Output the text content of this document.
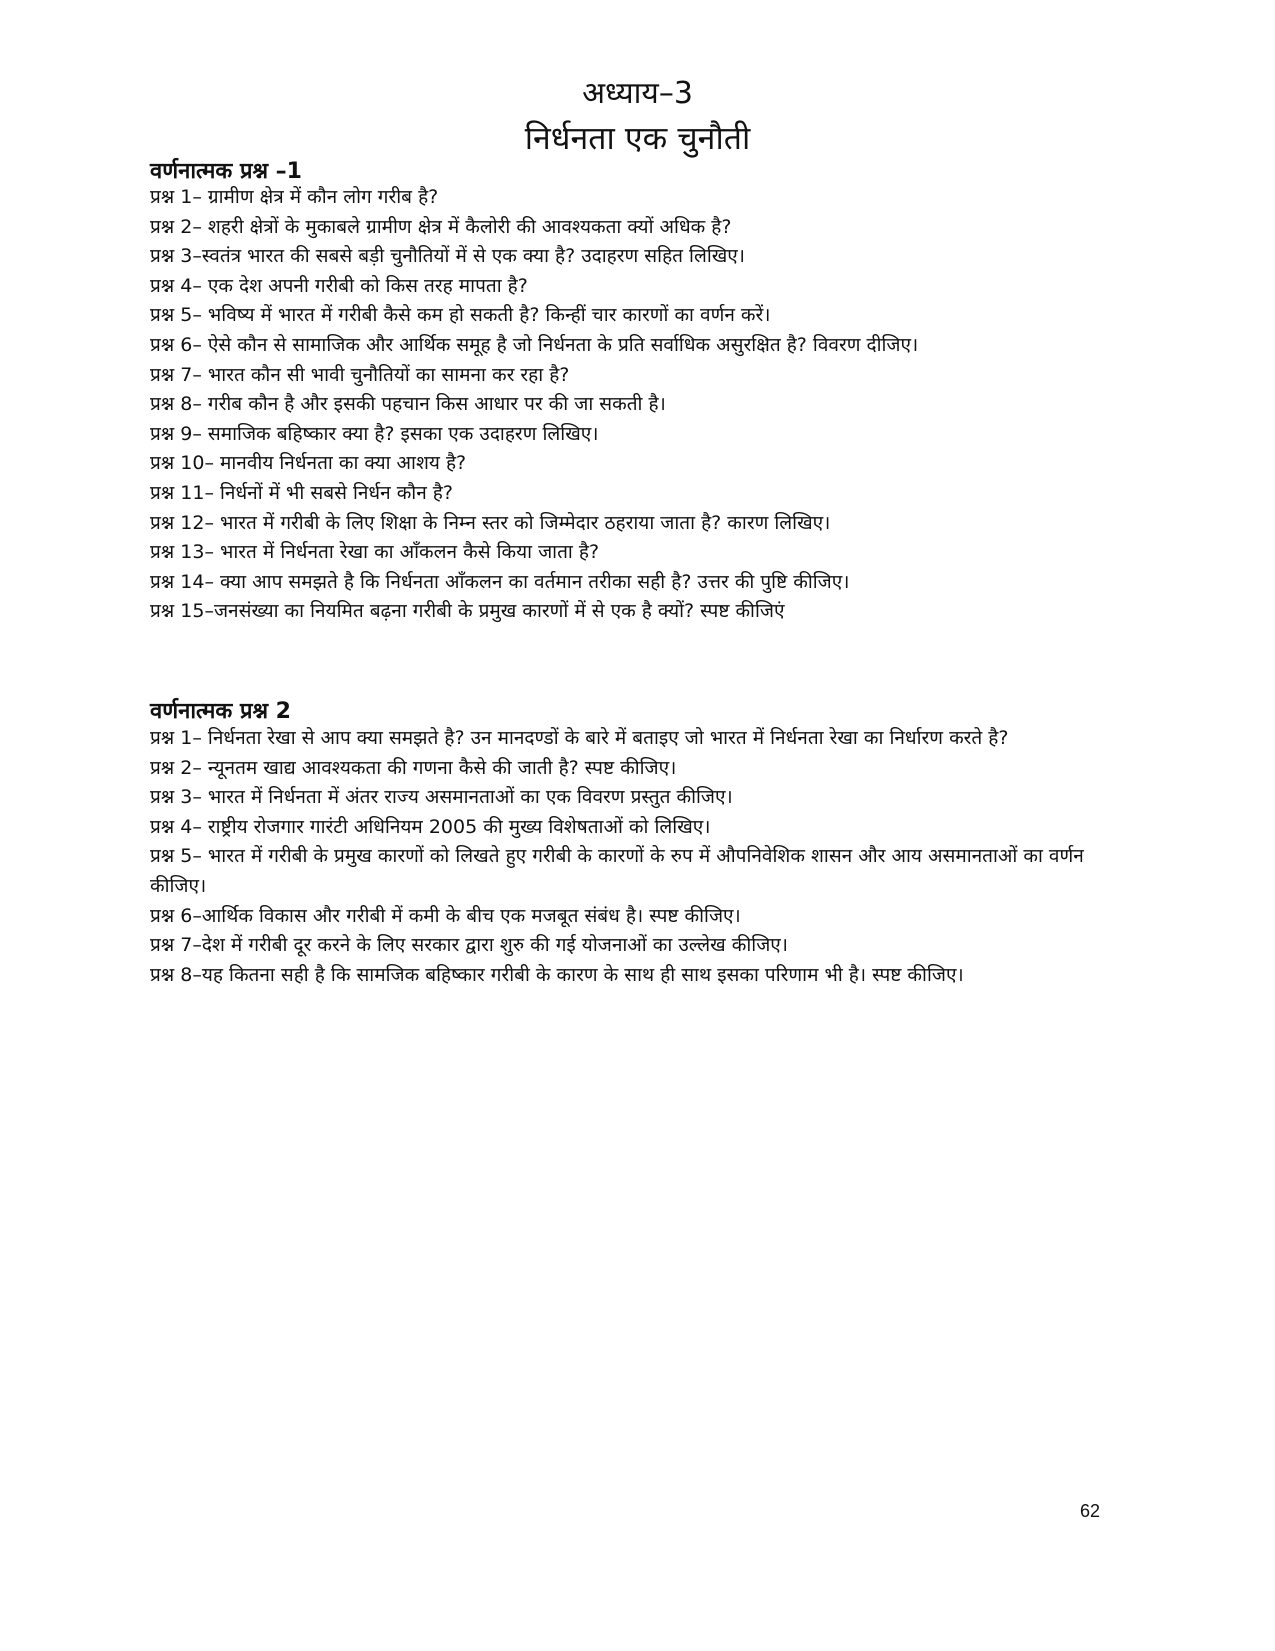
अध्याय–3
निर्धनता एक चुनौती
वर्णनात्मक प्रश्न –1
प्रश्न 1– ग्रामीण क्षेत्र में कौन लोग गरीब है?
प्रश्न 2– शहरी क्षेत्रों के मुकाबले ग्रामीण क्षेत्र में कैलोरी की आवश्यकता क्यों अधिक है?
प्रश्न 3–स्वतंत्र भारत की सबसे बड़ी चुनौतियों में से एक क्या है? उदाहरण सहित लिखिए।
प्रश्न 4– एक देश अपनी गरीबी को किस तरह मापता है?
प्रश्न 5– भविष्य में भारत में गरीबी कैसे कम हो सकती है? किन्हीं चार कारणों का वर्णन करें।
प्रश्न 6– ऐसे कौन से सामाजिक और आर्थिक समूह है जो निर्धनता के प्रति सर्वाधिक असुरक्षित है? विवरण दीजिए।
प्रश्न 7– भारत कौन सी भावी चुनौतियों का सामना कर रहा है?
प्रश्न 8– गरीब कौन है और इसकी पहचान किस आधार पर की जा सकती है।
प्रश्न 9– समाजिक बहिष्कार क्या है? इसका एक उदाहरण लिखिए।
प्रश्न 10– मानवीय निर्धनता का क्या आशय है?
प्रश्न 11– निर्धनों में भी सबसे निर्धन कौन है?
प्रश्न 12– भारत में गरीबी के लिए शिक्षा के निम्न स्तर को जिम्मेदार ठहराया जाता है? कारण लिखिए।
प्रश्न 13– भारत में निर्धनता रेखा का आँकलन कैसे किया जाता है?
प्रश्न 14– क्या आप समझते है कि निर्धनता आँकलन का वर्तमान तरीका सही है? उत्तर की पुष्टि कीजिए।
प्रश्न 15–जनसंख्या का नियमित बढ़ना गरीबी के प्रमुख कारणों में से एक है क्यों? स्पष्ट कीजिएं
वर्णनात्मक प्रश्न 2
प्रश्न 1– निर्धनता रेखा से आप क्या समझते है? उन मानदण्डों के बारे में बताइए जो भारत में निर्धनता रेखा का निर्धारण करते है?
प्रश्न 2– न्यूनतम खाद्य आवश्यकता की गणना कैसे की जाती है? स्पष्ट कीजिए।
प्रश्न 3– भारत में निर्धनता में अंतर राज्य असमानताओं का एक विवरण प्रस्तुत कीजिए।
प्रश्न 4– राष्ट्रीय रोजगार गारंटी अधिनियम 2005 की मुख्य विशेषताओं को लिखिए।
प्रश्न 5– भारत में गरीबी के प्रमुख कारणों को लिखते हुए गरीबी के कारणों के रुप में औपनिवेशिक शासन और आय असमानताओं का वर्णन कीजिए।
प्रश्न 6–आर्थिक विकास और गरीबी में कमी के बीच एक मजबूत संबंध है। स्पष्ट कीजिए।
प्रश्न 7–देश में गरीबी दूर करने के लिए सरकार द्वारा शुरु की गई योजनाओं का उल्लेख कीजिए।
प्रश्न 8–यह कितना सही है कि सामजिक बहिष्कार गरीबी के कारण के साथ ही साथ इसका परिणाम भी है। स्पष्ट कीजिए।
62
